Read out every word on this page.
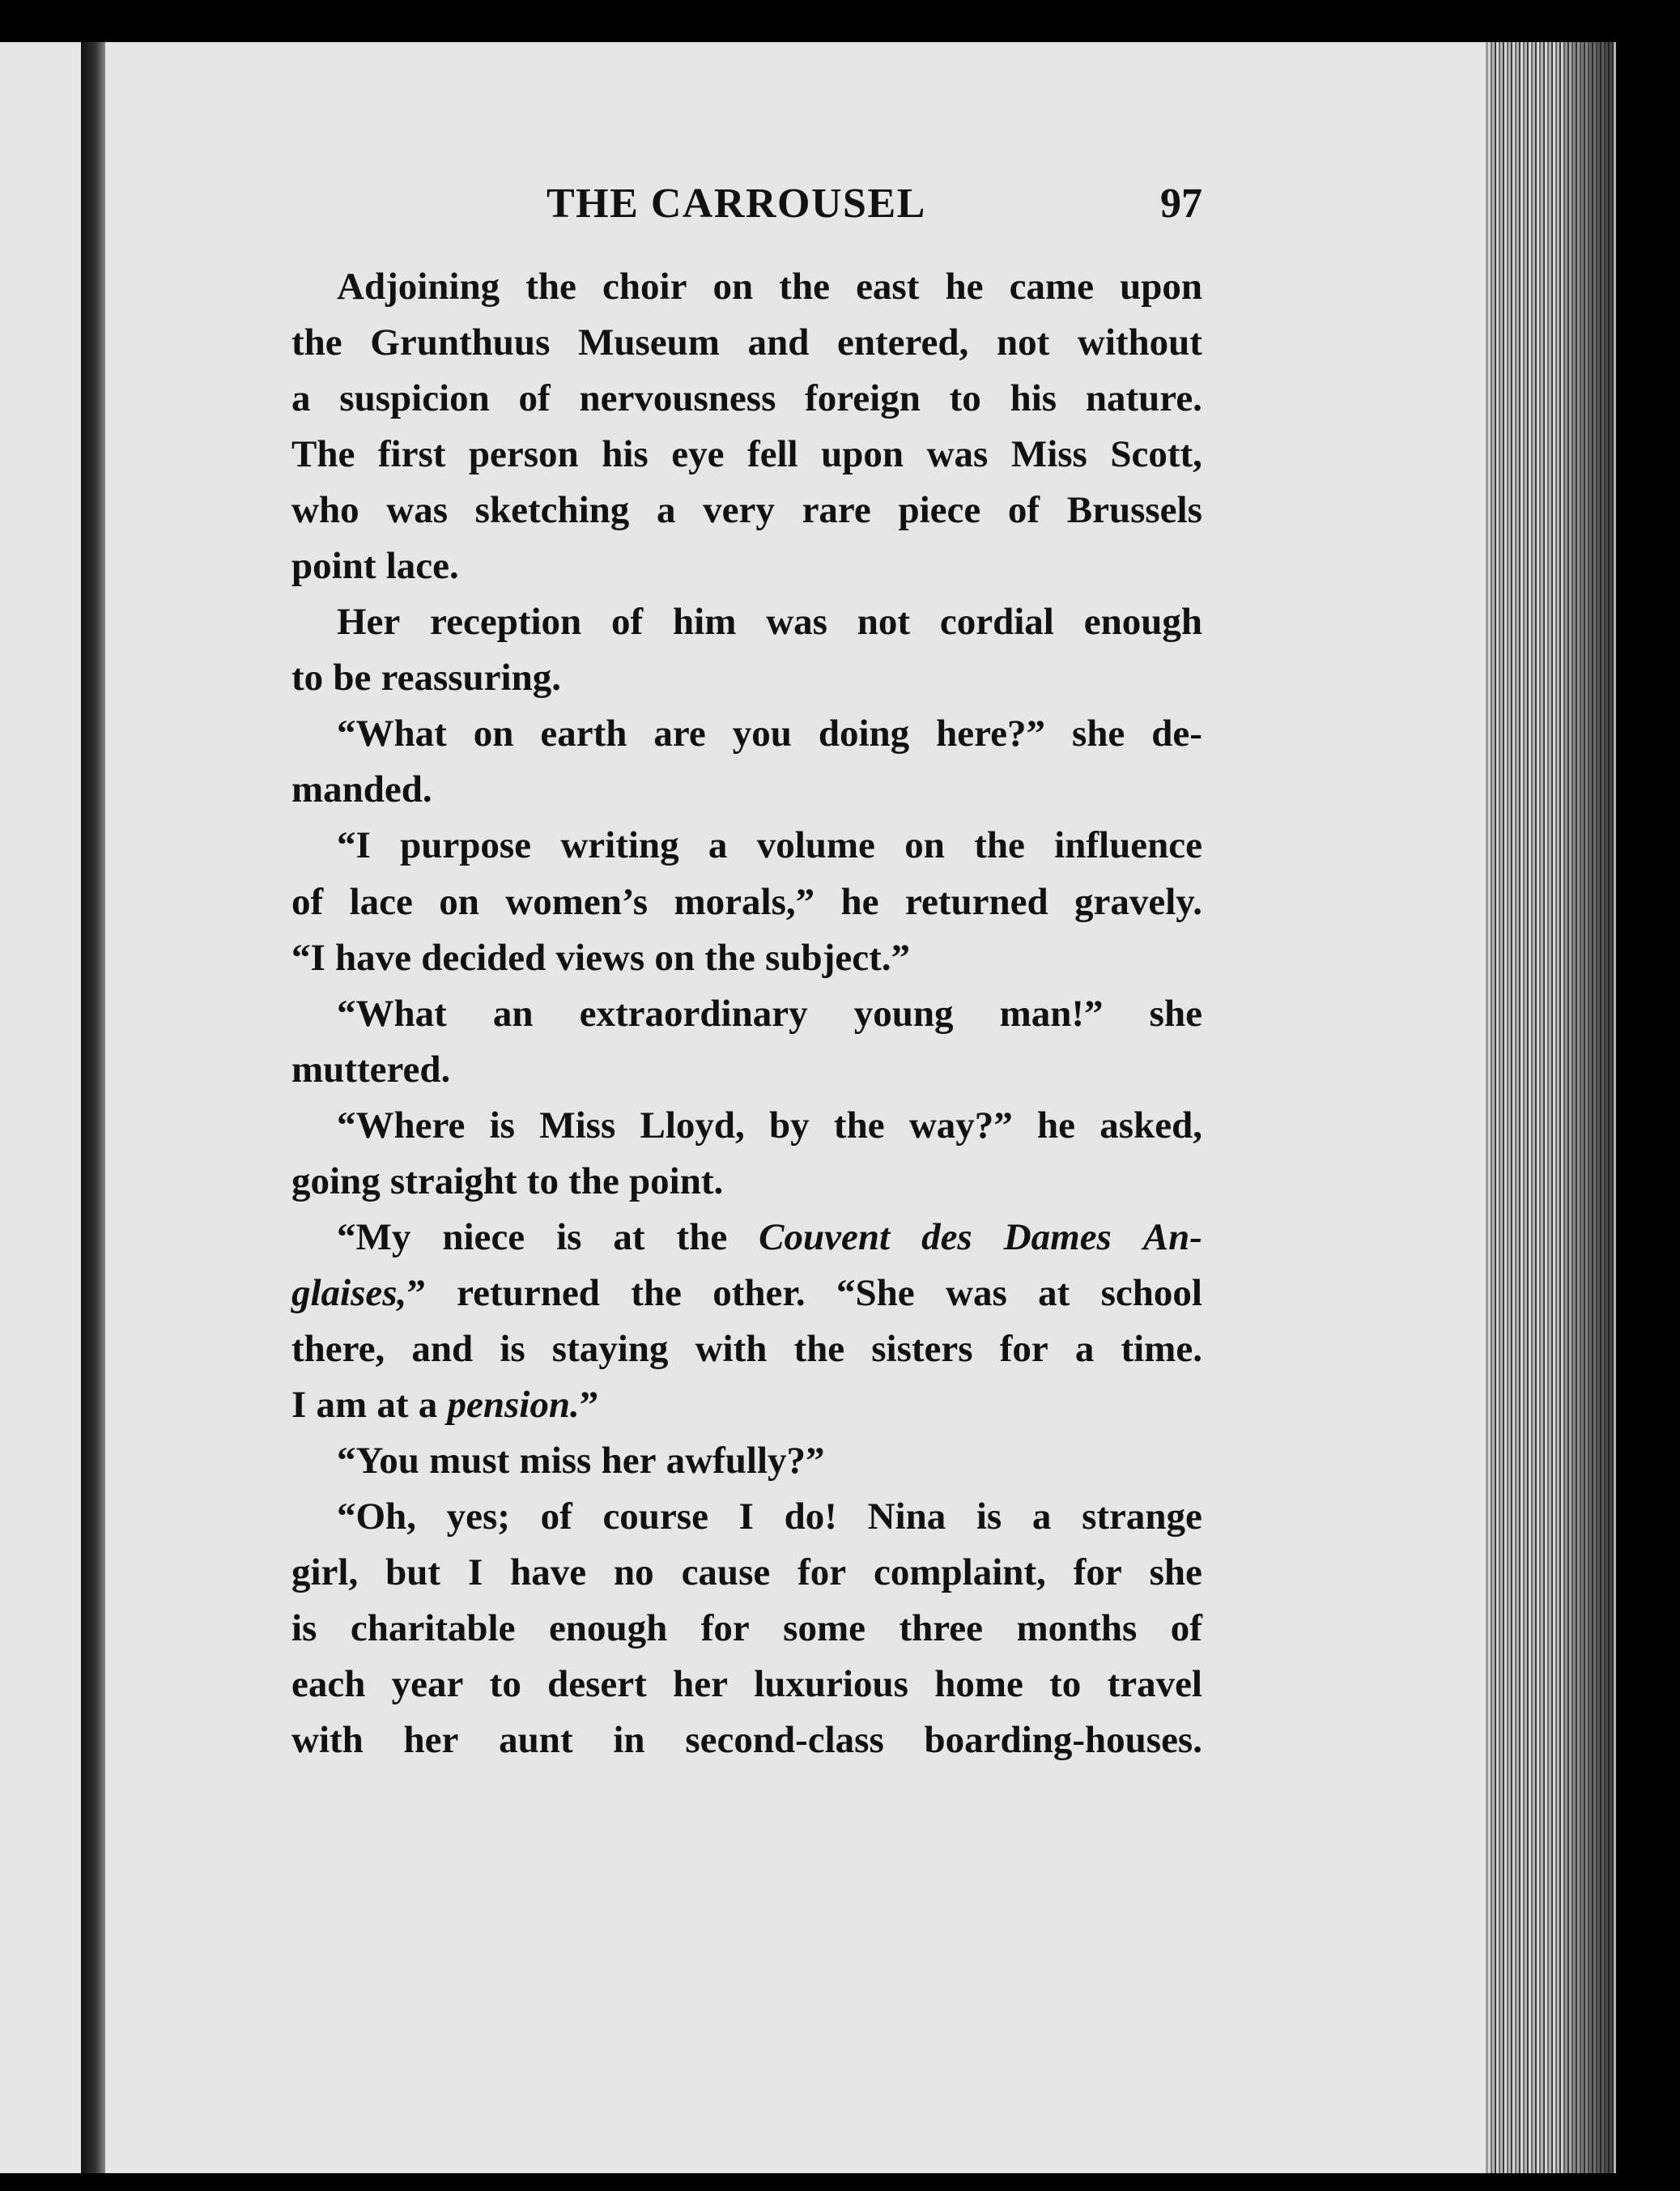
THE CARROUSEL	97
Adjoining the choir on the east he came upon
the Grunthuus Museum and entered, not without
a suspicion of nervousness foreign to his nature.
The first person his eye fell upon was Miss Scott,
who was sketching a very rare piece of Brussels
point lace.
Her reception of him was not cordial enough
to be reassuring.
“What on earth are you doing here?” she de-
manded.
“I purpose writing a volume on the influence
of lace on women’s morals,” he returned gravely.
“I have decided views on the subject.”
“What an extraordinary young man!” she
muttered.
“Where is Miss Lloyd, by the way?” he asked,
going straight to the point.
“My niece is at the Couvent des Dames An-
glaises,” returned the other. “She was at school
there, and is staying with the sisters for a time.
I am at a pension.”
“You must miss her awfully?”
“Oh, yes; of course I do! Nina is a strange
girl, but I have no cause for complaint, for she
is charitable enough for some three months of
each year to desert her luxurious home to travel
with her aunt in second-class boarding-houses.
